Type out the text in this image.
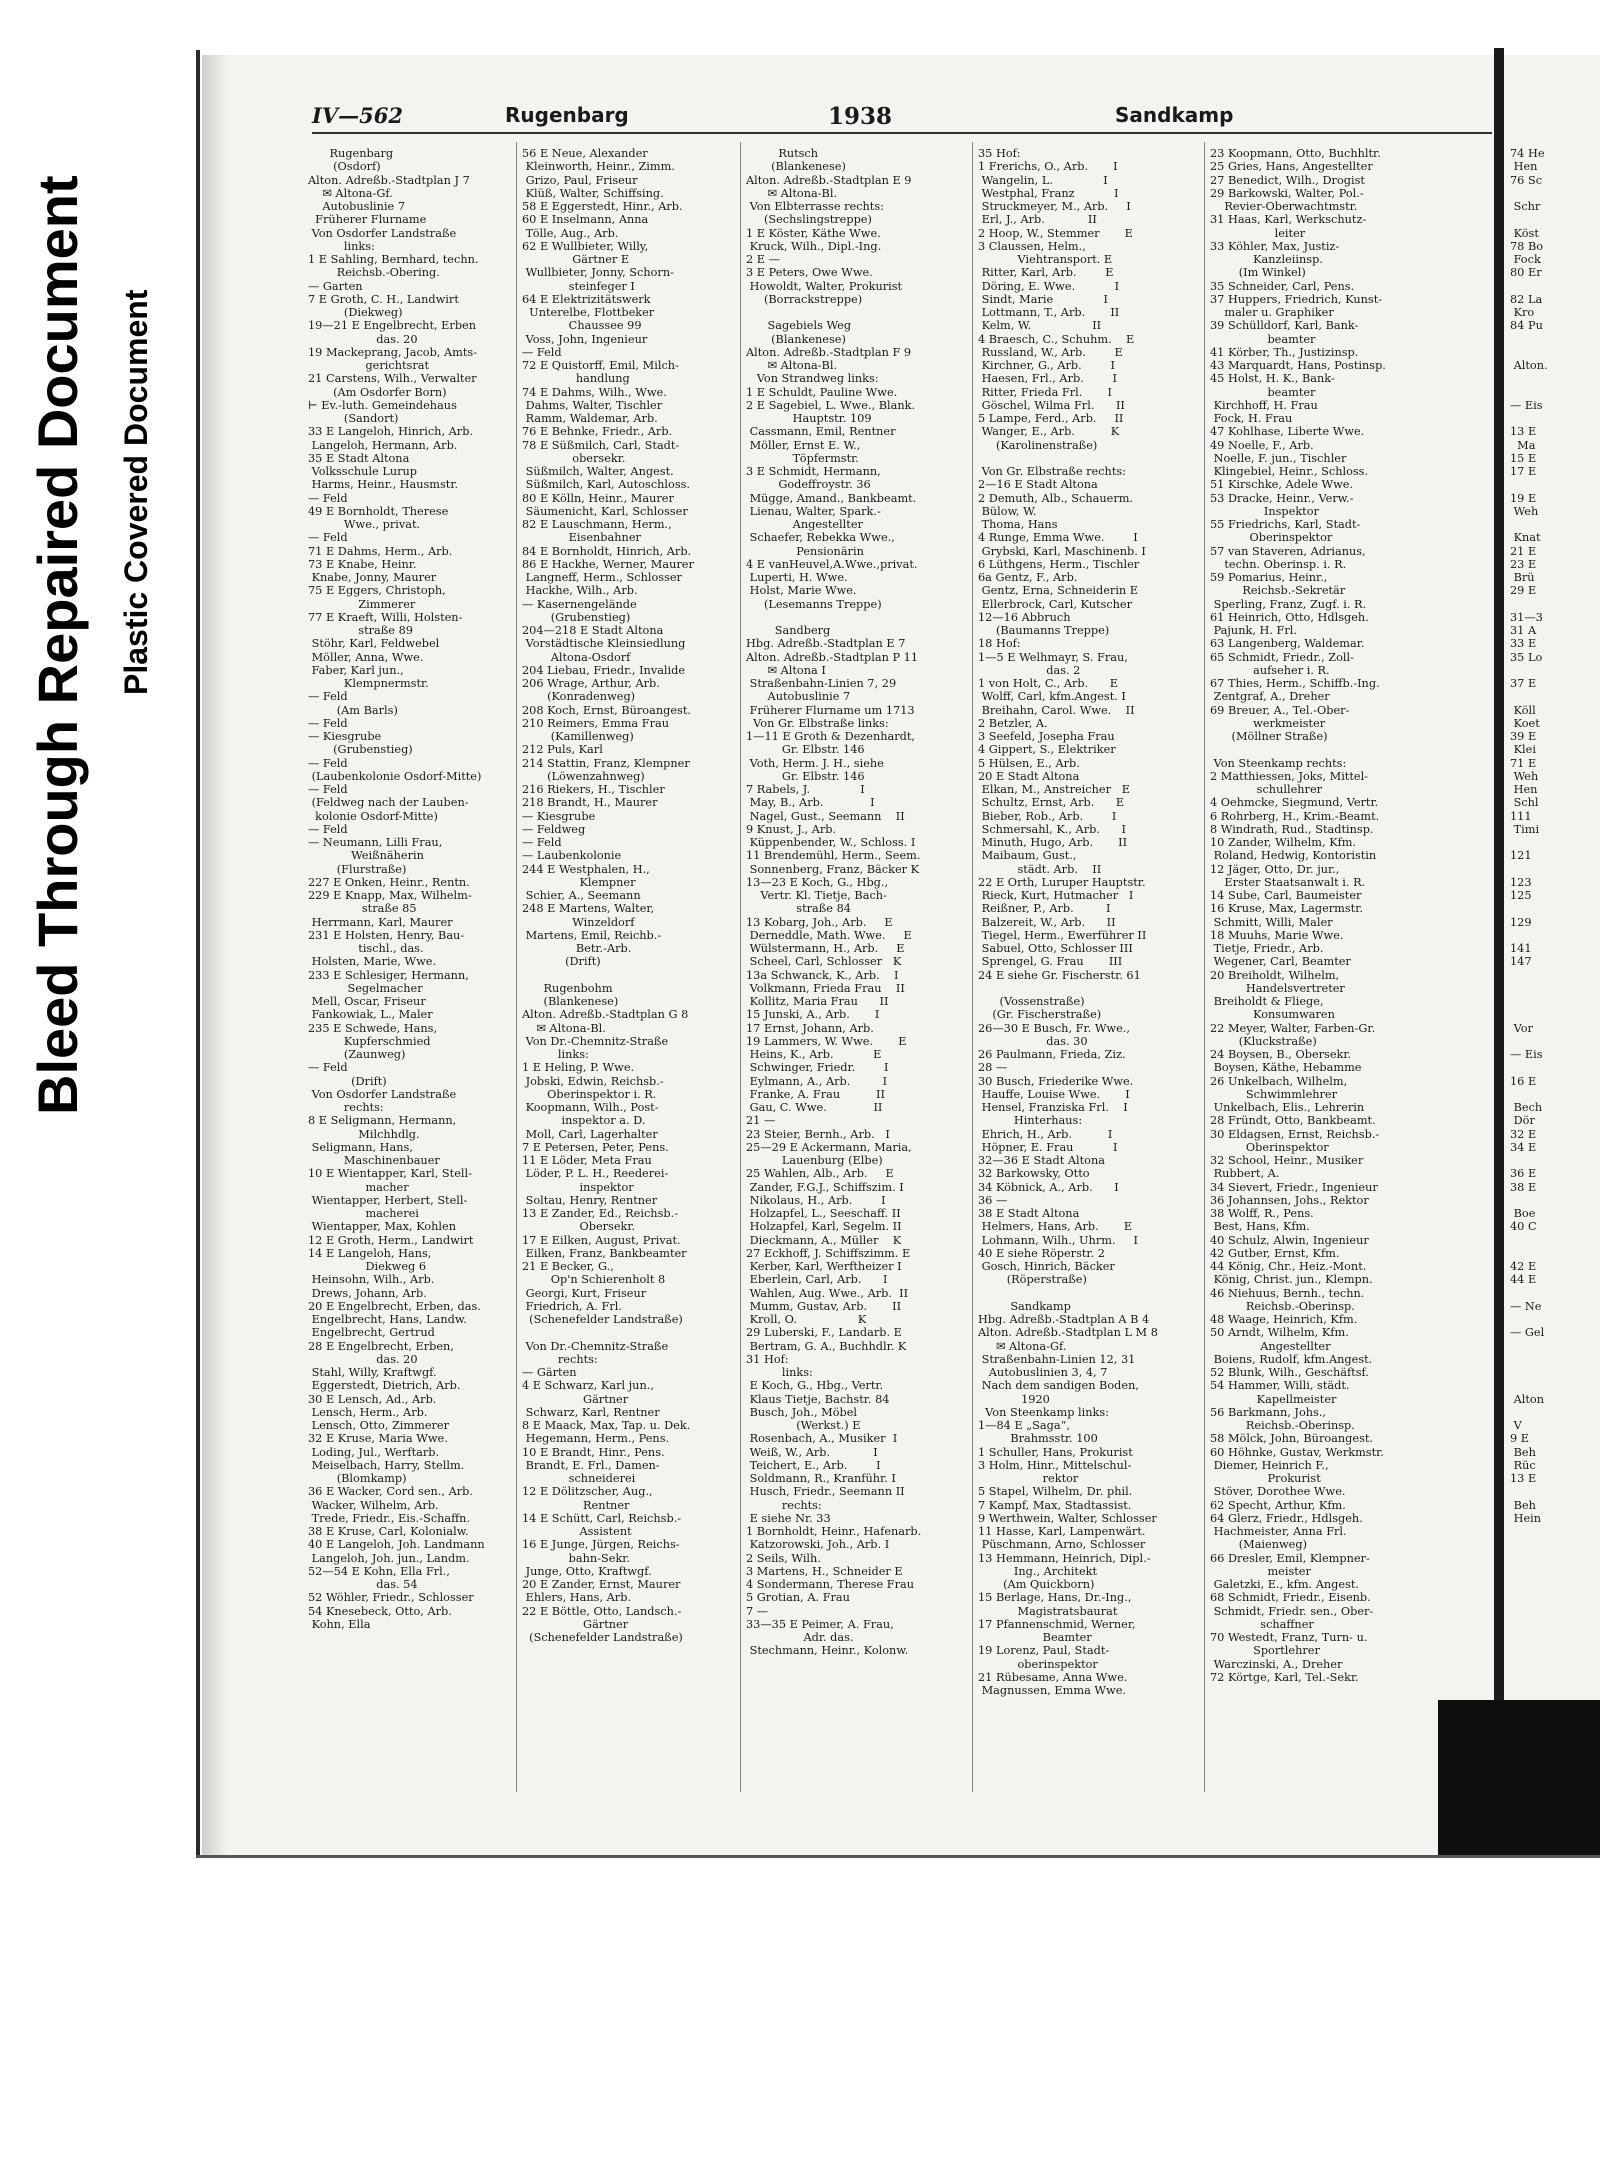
Bleed Through Repaired Document Plastic Covered Document
74 He
Hen
76 Sc

Schr

Köst
78 Bo
Fock
80 Er

82 La
Kro
84 Pu

Alton.

— Eis

13 E
Ma
15 E
17 E

19 E
Weh

Knat
21 E
23 E
Brü
29 E

31—3
31 A
33 E
35 Lo

37 E

Köll
Koet
39 E
Klei
71 E
Weh
Hen
Schl
111
Timi

121

123
125

129

141
147

Vor

— Eis

16 E

Bech
Dör
32 E
34 E

36 E
38 E

Boe
40 C

42 E
44 E

— Ne

— Gel

Alton

V
9 E
Beh
Rüc
13 E

Beh
Hein
IV—562	Rugenbarg	1938	Sandkamp
Rugenbarg
(Osdorf)
Alton. Adreßb.-Stadtplan J 7
✉ Altona-Gf.
Autobuslinie 7
Früherer Flurname
Von Osdorfer Landstraße
links:
1 E Sahling, Bernhard, techn.
Reichsb.-Obering.
— Garten
7 E Groth, C. H., Landwirt
(Diekweg)
19—21 E Engelbrecht, Erben
das. 20
19 Mackeprang, Jacob, Amts-
gerichtsrat
21 Carstens, Wilh., Verwalter
(Am Osdorfer Born)
⊢ Ev.-luth. Gemeindehaus
(Sandort)
33 E Langeloh, Hinrich, Arb.
Langeloh, Hermann, Arb.
35 E Stadt Altona
Volksschule Lurup
Harms, Heinr., Hausmstr.
— Feld
49 E Bornholdt, Therese
Wwe., privat.
— Feld
71 E Dahms, Herm., Arb.
73 E Knabe, Heinr.
Knabe, Jonny, Maurer
75 E Eggers, Christoph,
Zimmerer
77 E Kraeft, Willi, Holsten-
straße 89
Stöhr, Karl, Feldwebel
Möller, Anna, Wwe.
Faber, Karl jun.,
Klempnermstr.
— Feld
(Am Barls)
— Feld
— Kiesgrube
(Grubenstieg)
— Feld
(Laubenkolonie Osdorf-Mitte)
— Feld
(Feldweg nach der Lauben-
kolonie Osdorf-Mitte)
— Feld
— Neumann, Lilli Frau,
Weißnäherin
(Flurstraße)
227 E Onken, Heinr., Rentn.
229 E Knapp, Max, Wilhelm-
straße 85
Herrmann, Karl, Maurer
231 E Holsten, Henry, Bau-
tischl., das.
Holsten, Marie, Wwe.
233 E Schlesiger, Hermann,
Segelmacher
Mell, Oscar, Friseur
Fankowiak, L., Maler
235 E Schwede, Hans,
Kupferschmied
(Zaunweg)
— Feld
(Drift)
Von Osdorfer Landstraße
rechts:
8 E Seligmann, Hermann,
Milchhdlg.
Seligmann, Hans,
Maschinenbauer
10 E Wientapper, Karl, Stell-
macher
Wientapper, Herbert, Stell-
macherei
Wientapper, Max, Kohlen
12 E Groth, Herm., Landwirt
14 E Langeloh, Hans,
Diekweg 6
Heinsohn, Wilh., Arb.
Drews, Johann, Arb.
20 E Engelbrecht, Erben, das.
Engelbrecht, Hans, Landw.
Engelbrecht, Gertrud
28 E Engelbrecht, Erben,
das. 20
Stahl, Willy, Kraftwgf.
Eggerstedt, Dietrich, Arb.
30 E Lensch, Ad., Arb.
Lensch, Herm., Arb.
Lensch, Otto, Zimmerer
32 E Kruse, Maria Wwe.
Loding, Jul., Werftarb.
Meiselbach, Harry, Stellm.
(Blomkamp)
36 E Wacker, Cord sen., Arb.
Wacker, Wilhelm, Arb.
Trede, Friedr., Eis.-Schaffn.
38 E Kruse, Carl, Kolonialw.
40 E Langeloh, Joh. Landmann
Langeloh, Joh. jun., Landm.
52—54 E Kohn, Ella Frl.,
das. 54
52 Wöhler, Friedr., Schlosser
54 Knesebeck, Otto, Arb.
Kohn, Ella
56 E Neue, Alexander
Kleinworth, Heinr., Zimm.
Grizo, Paul, Friseur
Klüß, Walter, Schiffsing.
58 E Eggerstedt, Hinr., Arb.
60 E Inselmann, Anna
Tölle, Aug., Arb.
62 E Wullbieter, Willy,
Gärtner E
Wullbieter, Jonny, Schorn-
steinfeger I
64 E Elektrizitätswerk
Unterelbe, Flottbeker
Chaussee 99
Voss, John, Ingenieur
— Feld
72 E Quistorff, Emil, Milch-
handlung
74 E Dahms, Wilh., Wwe.
Dahms, Walter, Tischler
Ramm, Waldemar, Arb.
76 E Behnke, Friedr., Arb.
78 E Süßmilch, Carl, Stadt-
obersekr.
Süßmilch, Walter, Angest.
Süßmilch, Karl, Autoschloss.
80 E Kölln, Heinr., Maurer
Säumenicht, Karl, Schlosser
82 E Lauschmann, Herm.,
Eisenbahner
84 E Bornholdt, Hinrich, Arb.
86 E Hackhe, Werner, Maurer
Langneff, Herm., Schlosser
Hackhe, Wilh., Arb.
— Kasernengelände
(Grubenstieg)
204—218 E Stadt Altona
Vorstädtische Kleinsiedlung
Altona-Osdorf
204 Liebau, Friedr., Invalide
206 Wrage, Arthur, Arb.
(Konradenweg)
208 Koch, Ernst, Büroangest.
210 Reimers, Emma Frau
(Kamillenweg)
212 Puls, Karl
214 Stattin, Franz, Klempner
(Löwenzahnweg)
216 Riekers, H., Tischler
218 Brandt, H., Maurer
— Kiesgrube
— Feldweg
— Feld
— Laubenkolonie
244 E Westphalen, H.,
Klempner
Schier, A., Seemann
248 E Martens, Walter,
Winzeldorf
Martens, Emil, Reichb.-
Betr.-Arb.
(Drift)

Rugenbohm
(Blankenese)
Alton. Adreßb.-Stadtplan G 8
✉ Altona-Bl.
Von Dr.-Chemnitz-Straße
links:
1 E Heling, P. Wwe.
Jobski, Edwin, Reichsb.-
Oberinspektor i. R.
Koopmann, Wilh., Post-
inspektor a. D.
Moll, Carl, Lagerhalter
7 E Petersen, Peter, Pens.
11 E Löder, Meta Frau
Löder, P. L. H., Reederei-
inspektor
Soltau, Henry, Rentner
13 E Zander, Ed., Reichsb.-
Obersekr.
17 E Eilken, August, Privat.
Eilken, Franz, Bankbeamter
21 E Becker, G.,
Op'n Schierenholt 8
Georgi, Kurt, Friseur
Friedrich, A. Frl.
(Schenefelder Landstraße)

Von Dr.-Chemnitz-Straße
rechts:
— Gärten
4 E Schwarz, Karl jun.,
Gärtner
Schwarz, Karl, Rentner
8 E Maack, Max, Tap. u. Dek.
Hegemann, Herm., Pens.
10 E Brandt, Hinr., Pens.
Brandt, E. Frl., Damen-
schneiderei
12 E Dölitzscher, Aug.,
Rentner
14 E Schütt, Carl, Reichsb.-
Assistent
16 E Junge, Jürgen, Reichs-
bahn-Sekr.
Junge, Otto, Kraftwgf.
20 E Zander, Ernst, Maurer
Ehlers, Hans, Arb.
22 E Böttle, Otto, Landsch.-
Gärtner
(Schenefelder Landstraße)
Rutsch
(Blankenese)
Alton. Adreßb.-Stadtplan E 9
✉ Altona-Bl.
Von Elbterrasse rechts:
(Sechslingstreppe)
1 E Köster, Käthe Wwe.
Kruck, Wilh., Dipl.-Ing.
2 E —
3 E Peters, Owe Wwe.
Howoldt, Walter, Prokurist
(Borrackstreppe)

Sagebiels Weg
(Blankenese)
Alton. Adreßb.-Stadtplan F 9
✉ Altona-Bl.
Von Strandweg links:
1 E Schuldt, Pauline Wwe.
2 E Sagebiel, L. Wwe., Blank.
Hauptstr. 109
Cassmann, Emil, Rentner
Möller, Ernst E. W.,
Töpfermstr.
3 E Schmidt, Hermann,
Godeffroystr. 36
Mügge, Amand., Bankbeamt.
Lienau, Walter, Spark.-
Angestellter
Schaefer, Rebekka Wwe.,
Pensionärin
4 E vanHeuvel,A.Wwe.,privat.
Luperti, H. Wwe.
Holst, Marie Wwe.
(Lesemanns Treppe)

Sandberg
Hbg. Adreßb.-Stadtplan E 7
Alton. Adreßb.-Stadtplan P 11
✉ Altona I
Straßenbahn-Linien 7, 29
Autobuslinie 7
Früherer Flurname um 1713
Von Gr. Elbstraße links:
1—11 E Groth & Dezenhardt,
Gr. Elbstr. 146
Voth, Herm. J. H., siehe
Gr. Elbstr. 146
7 Rabels, J.              I
May, B., Arb.             I
Nagel, Gust., Seemann    II
9 Knust, J., Arb.
Küppenbender, W., Schloss. I
11 Brendemühl, Herm., Seem.
Sonnenberg, Franz, Bäcker K
13—23 E Koch, G., Hbg.,
Vertr. Kl. Tietje, Bach-
straße 84
13 Kobarg, Joh., Arb.     E
Derneddle, Math. Wwe.     E
Wülstermann, H., Arb.     E
Scheel, Carl, Schlosser   K
13a Schwanck, K., Arb.    I
Volkmann, Frieda Frau    II
Kollitz, Maria Frau      II
15 Junski, A., Arb.       I
17 Ernst, Johann, Arb.
19 Lammers, W. Wwe.       E
Heins, K., Arb.           E
Schwinger, Friedr.        I
Eylmann, A., Arb.         I
Franke, A. Frau          II
Gau, C. Wwe.             II
21 —
23 Steier, Bernh., Arb.   I
25—29 E Ackermann, Maria,
Lauenburg (Elbe)
25 Wahlen, Alb., Arb.     E
Zander, F.G.J., Schiffszim. I
Nikolaus, H., Arb.        I
Holzapfel, L., Seeschaff. II
Holzapfel, Karl, Segelm. II
Dieckmann, A., Müller    K
27 Eckhoff, J. Schiffszimm. E
Kerber, Karl, Werftheizer I
Eberlein, Carl, Arb.      I
Wahlen, Aug. Wwe., Arb.  II
Mumm, Gustav, Arb.       II
Kroll, O.                 K
29 Luberski, F., Landarb. E
Bertram, G. A., Buchhdlr. K
31 Hof:
links:
E Koch, G., Hbg., Vertr.
Klaus Tietje, Bachstr. 84
Busch, Joh., Möbel
(Werkst.) E
Rosenbach, A., Musiker  I
Weiß, W., Arb.            I
Teichert, E., Arb.        I
Soldmann, R., Kranführ. I
Husch, Friedr., Seemann II
rechts:
E siehe Nr. 33
1 Bornholdt, Heinr., Hafenarb.
Katzorowski, Joh., Arb. I
2 Seils, Wilh.
3 Martens, H., Schneider E
4 Sondermann, Therese Frau
5 Grotian, A. Frau
7 —
33—35 E Peimer, A. Frau,
Adr. das.
Stechmann, Heinr., Kolonw.
35 Hof:
1 Frerichs, O., Arb.       I
Wangelin, L.              I
Westphal, Franz           I
Struckmeyer, M., Arb.     I
Erl, J., Arb.            II
2 Hoop, W., Stemmer       E
3 Claussen, Helm.,
Viehtransport. E
Ritter, Karl, Arb.        E
Döring, E. Wwe.           I
Sindt, Marie              I
Lottmann, T., Arb.       II
Kelm, W.                 II
4 Braesch, C., Schuhm.    E
Russland, W., Arb.        E
Kirchner, G., Arb.        I
Haesen, Frl., Arb.        I
Ritter, Frieda Frl.       I
Göschel, Wilma Frl.      II
5 Lampe, Ferd., Arb.     II
Wanger, E., Arb.          K
(Karolinenstraße)

Von Gr. Elbstraße rechts:
2—16 E Stadt Altona
2 Demuth, Alb., Schauerm.
Bülow, W.
Thoma, Hans
4 Runge, Emma Wwe.        I
Grybski, Karl, Maschinenb. I
6 Lüthgens, Herm., Tischler
6a Gentz, F., Arb.
Gentz, Erna, Schneiderin E
Ellerbrock, Carl, Kutscher
12—16 Abbruch
(Baumanns Treppe)
18 Hof:
1—5 E Welhmayr, S. Frau,
das. 2
1 von Holt, C., Arb.      E
Wolff, Carl, kfm.Angest. I
Breihahn, Carol. Wwe.    II
2 Betzler, A.
3 Seefeld, Josepha Frau
4 Gippert, S., Elektriker
5 Hülsen, E., Arb.
20 E Stadt Altona
Elkan, M., Anstreicher   E
Schultz, Ernst, Arb.      E
Bieber, Rob., Arb.        I
Schmersahl, K., Arb.      I
Minuth, Hugo, Arb.       II
Maibaum, Gust.,
städt. Arb.    II
22 E Orth, Luruper Hauptstr.
Rieck, Kurt, Hutmacher   I
Reißner, P., Arb.         I
Balzereit, W., Arb.      II
Tiegel, Herm., Ewerführer II
Sabuel, Otto, Schlosser III
Sprengel, G. Frau       III
24 E siehe Gr. Fischerstr. 61

(Vossenstraße)
(Gr. Fischerstraße)
26—30 E Busch, Fr. Wwe.,
das. 30
26 Paulmann, Frieda, Ziz.
28 —
30 Busch, Friederike Wwe.
Hauffe, Louise Wwe.       I
Hensel, Franziska Frl.    I
Hinterhaus:
Ehrich, H., Arb.          I
Höpner, E. Frau           I
32—36 E Stadt Altona
32 Barkowsky, Otto
34 Köbnick, A., Arb.      I
36 —
38 E Stadt Altona
Helmers, Hans, Arb.       E
Lohmann, Wilh., Uhrm.     I
40 E siehe Röperstr. 2
Gosch, Hinrich, Bäcker
(Röperstraße)

Sandkamp
Hbg. Adreßb.-Stadtplan A B 4
Alton. Adreßb.-Stadtplan L M 8
✉ Altona-Gf.
Straßenbahn-Linien 12, 31
Autobuslinien 3, 4, 7
Nach dem sandigen Boden,
1920
Von Steenkamp links:
1—84 E „Saga“,
Brahmsstr. 100
1 Schuller, Hans, Prokurist
3 Holm, Hinr., Mittelschul-
rektor
5 Stapel, Wilhelm, Dr. phil.
7 Kampf, Max, Stadtassist.
9 Werthwein, Walter, Schlosser
11 Hasse, Karl, Lampenwärt.
Püschmann, Arno, Schlosser
13 Hemmann, Heinrich, Dipl.-
Ing., Architekt
(Am Quickborn)
15 Berlage, Hans, Dr.-Ing.,
Magistratsbaurat
17 Pfannenschmid, Werner,
Beamter
19 Lorenz, Paul, Stadt-
oberinspektor
21 Rübesame, Anna Wwe.
Magnussen, Emma Wwe.
23 Koopmann, Otto, Buchhltr.
25 Gries, Hans, Angestellter
27 Benedict, Wilh., Drogist
29 Barkowski, Walter, Pol.-
Revier-Oberwachtmstr.
31 Haas, Karl, Werkschutz-
leiter
33 Köhler, Max, Justiz-
Kanzleiinsp.
(Im Winkel)
35 Schneider, Carl, Pens.
37 Huppers, Friedrich, Kunst-
maler u. Graphiker
39 Schülldorf, Karl, Bank-
beamter
41 Körber, Th., Justizinsp.
43 Marquardt, Hans, Postinsp.
45 Holst, H. K., Bank-
beamter
Kirchhoff, H. Frau
Fock, H. Frau
47 Kohlhase, Liberte Wwe.
49 Noelle, F., Arb.
Noelle, F. jun., Tischler
Klingebiel, Heinr., Schloss.
51 Kirschke, Adele Wwe.
53 Dracke, Heinr., Verw.-
Inspektor
55 Friedrichs, Karl, Stadt-
Oberinspektor
57 van Staveren, Adrianus,
techn. Oberinsp. i. R.
59 Pomarius, Heinr.,
Reichsb.-Sekretär
Sperling, Franz, Zugf. i. R.
61 Heinrich, Otto, Hdlsgeh.
Pajunk, H. Frl.
63 Langenberg, Waldemar.
65 Schmidt, Friedr., Zoll-
aufseher i. R.
67 Thies, Herm., Schiffb.-Ing.
Zentgraf, A., Dreher
69 Breuer, A., Tel.-Ober-
werkmeister
(Möllner Straße)

Von Steenkamp rechts:
2 Matthiessen, Joks, Mittel-
schullehrer
4 Oehmcke, Siegmund, Vertr.
6 Rohrberg, H., Krim.-Beamt.
8 Windrath, Rud., Stadtinsp.
10 Zander, Wilhelm, Kfm.
Roland, Hedwig, Kontoristin
12 Jäger, Otto, Dr. jur.,
Erster Staatsanwalt i. R.
14 Sube, Carl, Baumeister
16 Kruse, Max, Lagermstr.
Schmitt, Willi, Maler
18 Muuhs, Marie Wwe.
Tietje, Friedr., Arb.
Wegener, Carl, Beamter
20 Breiholdt, Wilhelm,
Handelsvertreter
Breiholdt & Fliege,
Konsumwaren
22 Meyer, Walter, Farben-Gr.
(Kluckstraße)
24 Boysen, B., Obersekr.
Boysen, Käthe, Hebamme
26 Unkelbach, Wilhelm,
Schwimmlehrer
Unkelbach, Elis., Lehrerin
28 Fründt, Otto, Bankbeamt.
30 Eldagsen, Ernst, Reichsb.-
Oberinspektor
32 School, Heinr., Musiker
Rubbert, A.
34 Sievert, Friedr., Ingenieur
36 Johannsen, Johs., Rektor
38 Wolff, R., Pens.
Best, Hans, Kfm.
40 Schulz, Alwin, Ingenieur
42 Gutber, Ernst, Kfm.
44 König, Chr., Heiz.-Mont.
König, Christ. jun., Klempn.
46 Niehuus, Bernh., techn.
Reichsb.-Oberinsp.
48 Waage, Heinrich, Kfm.
50 Arndt, Wilhelm, Kfm.
Angestellter
Boiens, Rudolf, kfm.Angest.
52 Blunk, Wilh., Geschäftsf.
54 Hammer, Willi, städt.
Kapellmeister
56 Barkmann, Johs.,
Reichsb.-Oberinsp.
58 Mölck, John, Büroangest.
60 Höhnke, Gustav, Werkmstr.
Diemer, Heinrich F.,
Prokurist
Stöver, Dorothee Wwe.
62 Specht, Arthur, Kfm.
64 Glerz, Friedr., Hdlsgeh.
Hachmeister, Anna Frl.
(Maienweg)
66 Dresler, Emil, Klempner-
meister
Galetzki, E., kfm. Angest.
68 Schmidt, Friedr., Eisenb.
Schmidt, Friedr. sen., Ober-
schaffner
70 Westedt, Franz, Turn- u.
Sportlehrer
Warczinski, A., Dreher
72 Körtge, Karl, Tel.-Sekr.
